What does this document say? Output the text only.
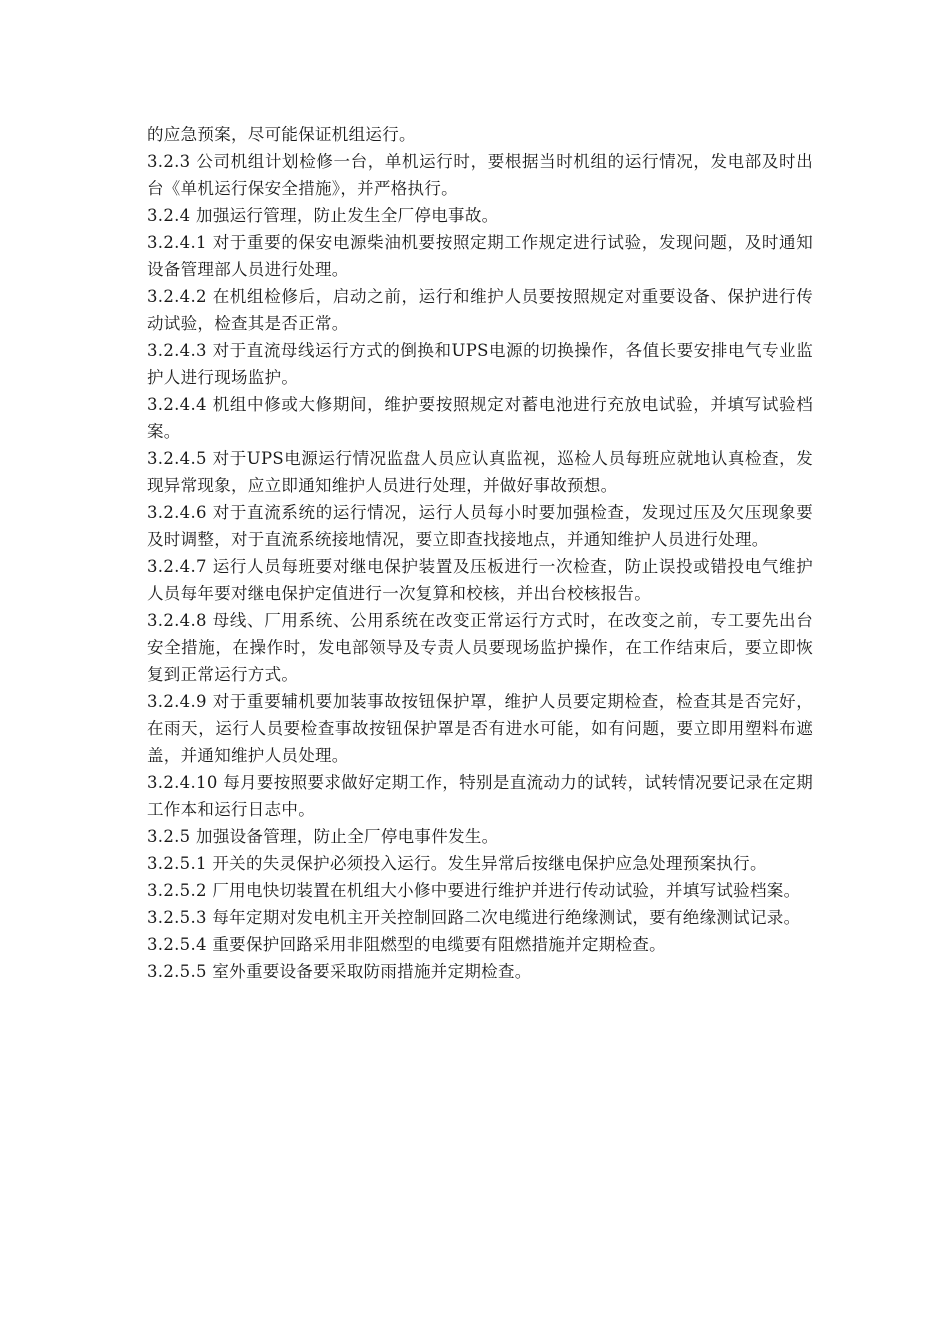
的应急预案，尽可能保证机组运行。

3.2.3 公司机组计划检修一台，单机运行时，要根据当时机组的运行情况，发电部及时出台《单机运行保安全措施》，并严格执行。

3.2.4 加强运行管理，防止发生全厂停电事故。

3.2.4.1 对于重要的保安电源柴油机要按照定期工作规定进行试验，发现问题，及时通知设备管理部人员进行处理。

3.2.4.2 在机组检修后，启动之前，运行和维护人员要按照规定对重要设备、保护进行传动试验，检查其是否正常。

3.2.4.3 对于直流母线运行方式的倒换和UPS电源的切换操作，各值长要安排电气专业监护人进行现场监护。

3.2.4.4 机组中修或大修期间，维护要按照规定对蓄电池进行充放电试验，并填写试验档案。

3.2.4.5 对于UPS电源运行情况监盘人员应认真监视，巡检人员每班应就地认真检查，发现异常现象，应立即通知维护人员进行处理，并做好事故预想。

3.2.4.6 对于直流系统的运行情况，运行人员每小时要加强检查，发现过压及欠压现象要及时调整，对于直流系统接地情况，要立即查找接地点，并通知维护人员进行处理。

3.2.4.7 运行人员每班要对继电保护装置及压板进行一次检查，防止误投或错投电气维护人员每年要对继电保护定值进行一次复算和校核，并出台校核报告。

3.2.4.8 母线、厂用系统、公用系统在改变正常运行方式时，在改变之前，专工要先出台安全措施，在操作时，发电部领导及专责人员要现场监护操作，在工作结束后，要立即恢复到正常运行方式。

3.2.4.9 对于重要辅机要加装事故按钮保护罩，维护人员要定期检查，检查其是否完好，在雨天，运行人员要检查事故按钮保护罩是否有进水可能，如有问题，要立即用塑料布遮盖，并通知维护人员处理。

3.2.4.10 每月要按照要求做好定期工作，特别是直流动力的试转，试转情况要记录在定期工作本和运行日志中。

3.2.5 加强设备管理，防止全厂停电事件发生。

3.2.5.1 开关的失灵保护必须投入运行。发生异常后按继电保护应急处理预案执行。

3.2.5.2 厂用电快切装置在机组大小修中要进行维护并进行传动试验，并填写试验档案。

3.2.5.3 每年定期对发电机主开关控制回路二次电缆进行绝缘测试，要有绝缘测试记录。

3.2.5.4 重要保护回路采用非阻燃型的电缆要有阻燃措施并定期检查。

3.2.5.5 室外重要设备要采取防雨措施并定期检查。
